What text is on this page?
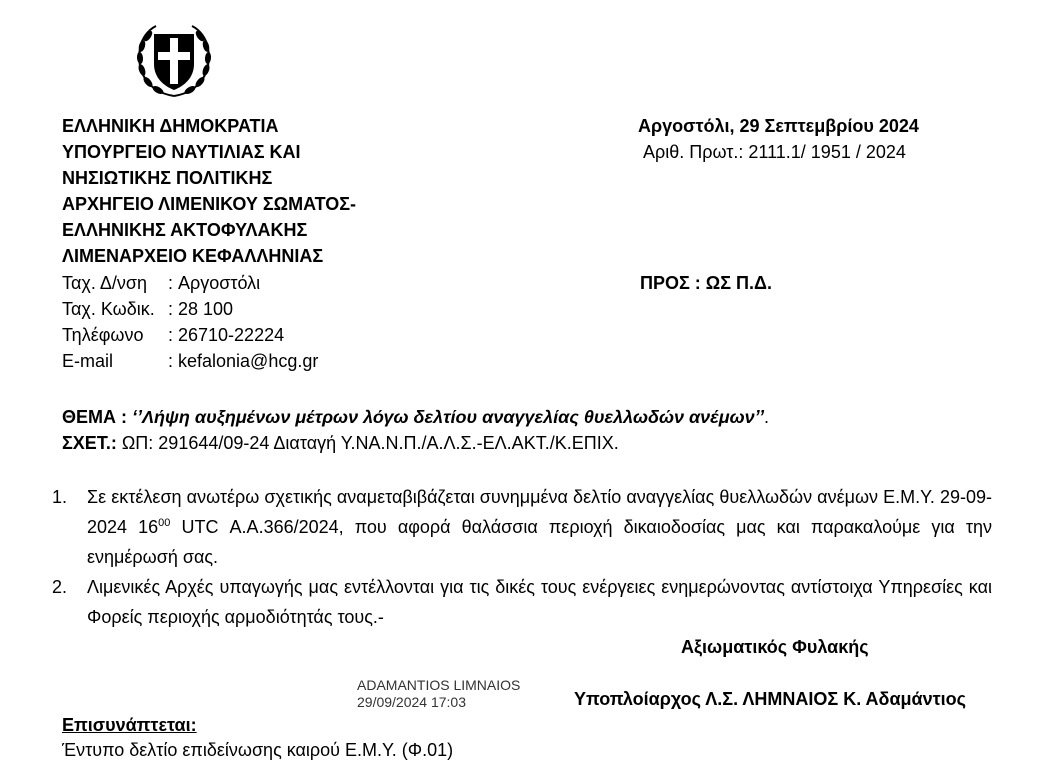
ΕΛΛΗΝΙΚΗ ΔΗΜΟΚΡΑΤΙΑ
ΥΠΟΥΡΓΕΙΟ ΝΑΥΤΙΛΙΑΣ ΚΑΙ
ΝΗΣΙΩΤΙΚΗΣ ΠΟΛΙΤΙΚΗΣ
ΑΡΧΗΓΕΙΟ ΛΙΜΕΝΙΚΟΥ ΣΩΜΑΤΟΣ-
ΕΛΛΗΝΙΚΗΣ ΑΚΤΟΦΥΛΑΚΗΣ
ΛΙΜΕΝΑΡΧΕΙΟ ΚΕΦΑΛΛΗΝΙΑΣ
Αργοστόλι, 29 Σεπτεμβρίου 2024
Αριθ. Πρωτ.: 2111.1/ 1951 / 2024
ΠΡΟΣ : ΩΣ Π.Δ.
Ταχ. Δ/νση : Αργοστόλι
Ταχ. Κωδικ. : 28 100
Τηλέφωνο : 26710-22224
E-mail	: kefalonia@hcg.gr
ΘΕΜΑ : ‘’Λήψη αυξημένων μέτρων λόγω δελτίου αναγγελίας θυελλωδών ανέμων’’.
ΣΧΕΤ.: ΩΠ: 291644/09-24 Διαταγή Υ.ΝΑ.Ν.Π./Α.Λ.Σ.-ΕΛ.ΑΚΤ./Κ.ΕΠΙΧ.
1. Σε εκτέλεση ανωτέρω σχετικής αναμεταβιβάζεται συνημμένα δελτίο αναγγελίας θυελλωδών ανέμων Ε.Μ.Υ. 29-09-2024 $16^{00}$ UTC Α.Α.366/2024, που αφορά θαλάσσια περιοχή δικαιοδοσίας μας και παρακαλούμε για την ενημέρωσή σας.
2. Λιμενικές Αρχές υπαγωγής μας εντέλλονται για τις δικές τους ενέργειες ενημερώνοντας αντίστοιχα Υπηρεσίες και Φορείς περιοχής αρμοδιότητάς τους.-
Αξιωματικός Φυλακής
ADAMANTIOS LIMNAIOS
29/09/2024 17:03	Υποπλοίαρχος Λ.Σ. ΛΗΜΝΑΙΟΣ Κ. Αδαμάντιος
Επισυνάπτεται:
Έντυπο δελτίο επιδείνωσης καιρού Ε.Μ.Υ. (Φ.01)
